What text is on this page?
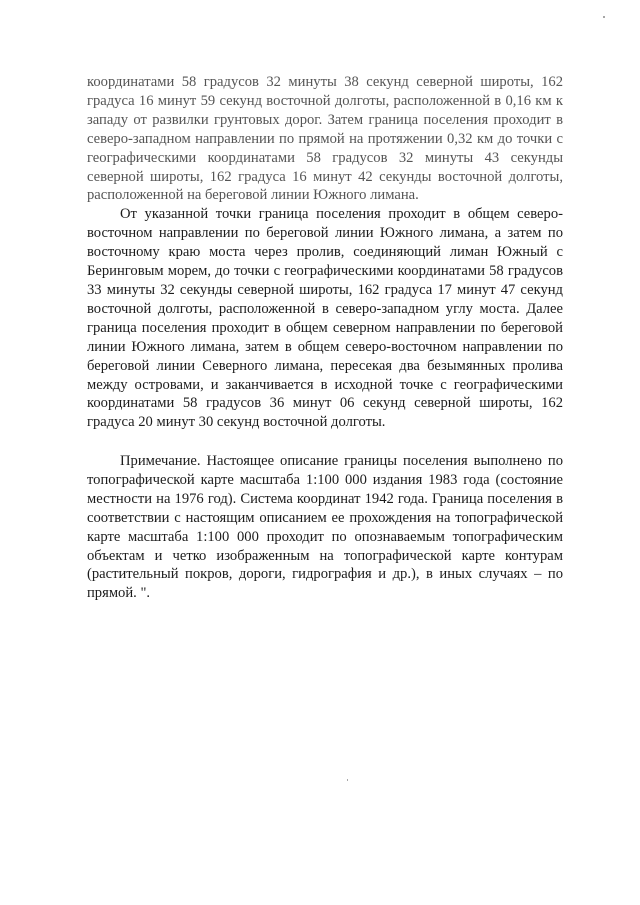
координатами 58 градусов 32 минуты 38 секунд северной широты, 162 градуса 16 минут 59 секунд восточной долготы, расположенной в 0,16 км к западу от развилки грунтовых дорог. Затем граница поселения проходит в северо-западном направлении по прямой на протяжении 0,32 км до точки с географическими координатами 58 градусов 32 минуты 43 секунды северной широты, 162 градуса 16 минут 42 секунды восточной долготы, расположенной на береговой линии Южного лимана.

От указанной точки граница поселения проходит в общем северо-восточном направлении по береговой линии Южного лимана, а затем по восточному краю моста через пролив, соединяющий лиман Южный с Беринговым морем, до точки с географическими координатами 58 градусов 33 минуты 32 секунды северной широты, 162 градуса 17 минут 47 секунд восточной долготы, расположенной в северо-западном углу моста. Далее граница поселения проходит в общем северном направлении по береговой линии Южного лимана, затем в общем северо-восточном направлении по береговой линии Северного лимана, пересекая два безымянных пролива между островами, и заканчивается в исходной точке с географическими координатами 58 градусов 36 минут 06 секунд северной широты, 162 градуса 20 минут 30 секунд восточной долготы.

Примечание. Настоящее описание границы поселения выполнено по топографической карте масштаба 1:100 000 издания 1983 года (состояние местности на 1976 год). Система координат 1942 года. Граница поселения в соответствии с настоящим описанием ее прохождения на топографической карте масштаба 1:100 000 проходит по опознаваемым топографическим объектам и четко изображенным на топографической карте контурам (растительный покров, дороги, гидрография и др.), в иных случаях – по прямой. ".
